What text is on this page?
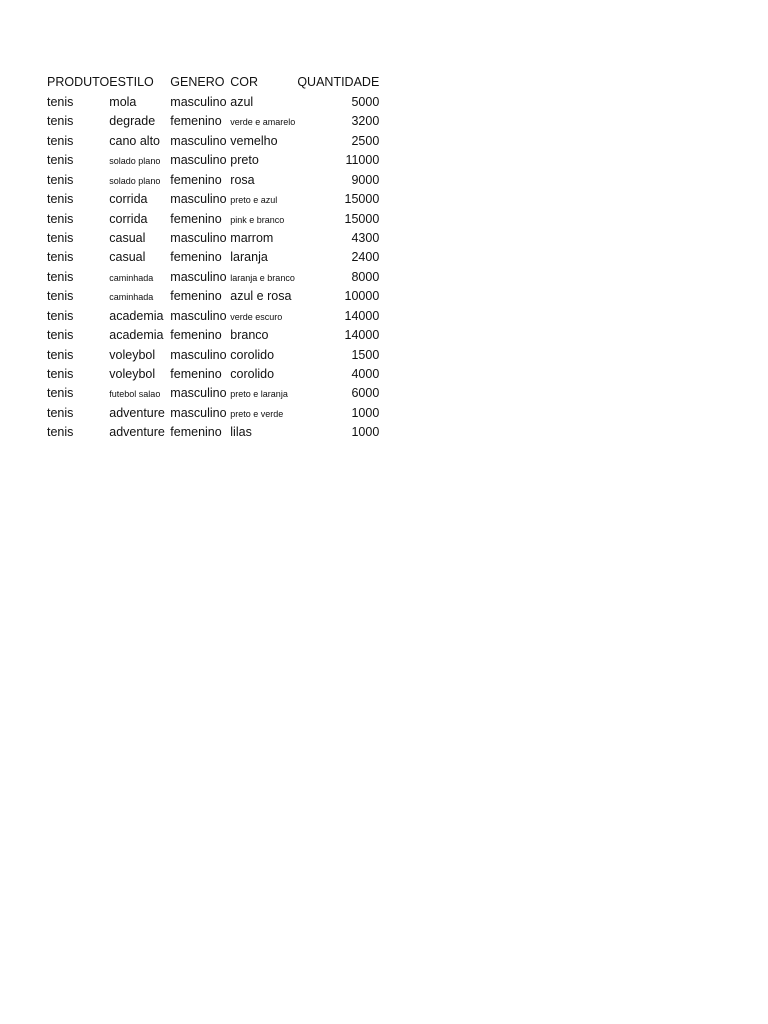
PRODUTO	ESTILO	GENERO	COR	QUANTIDADE
tenis	mola	masculino	azul	5000
tenis	degrade	femenino	verde e amarelo	3200
tenis	cano alto	masculino	vemelho	2500
tenis	solado plano	masculino	preto	11000
tenis	solado plano	femenino	rosa	9000
tenis	corrida	masculino	preto e azul	15000
tenis	corrida	femenino	pink e branco	15000
tenis	casual	masculino	marrom	4300
tenis	casual	femenino	laranja	2400
tenis	caminhada	masculino	laranja e branco	8000
tenis	caminhada	femenino	azul e rosa	10000
tenis	academia	masculino	verde escuro	14000
tenis	academia	femenino	branco	14000
tenis	voleybol	masculino	corolido	1500
tenis	voleybol	femenino	corolido	4000
tenis	futebol salao	masculino	preto e laranja	6000
tenis	adventure	masculino	preto e verde	1000
tenis	adventure	femenino	lilas	1000
